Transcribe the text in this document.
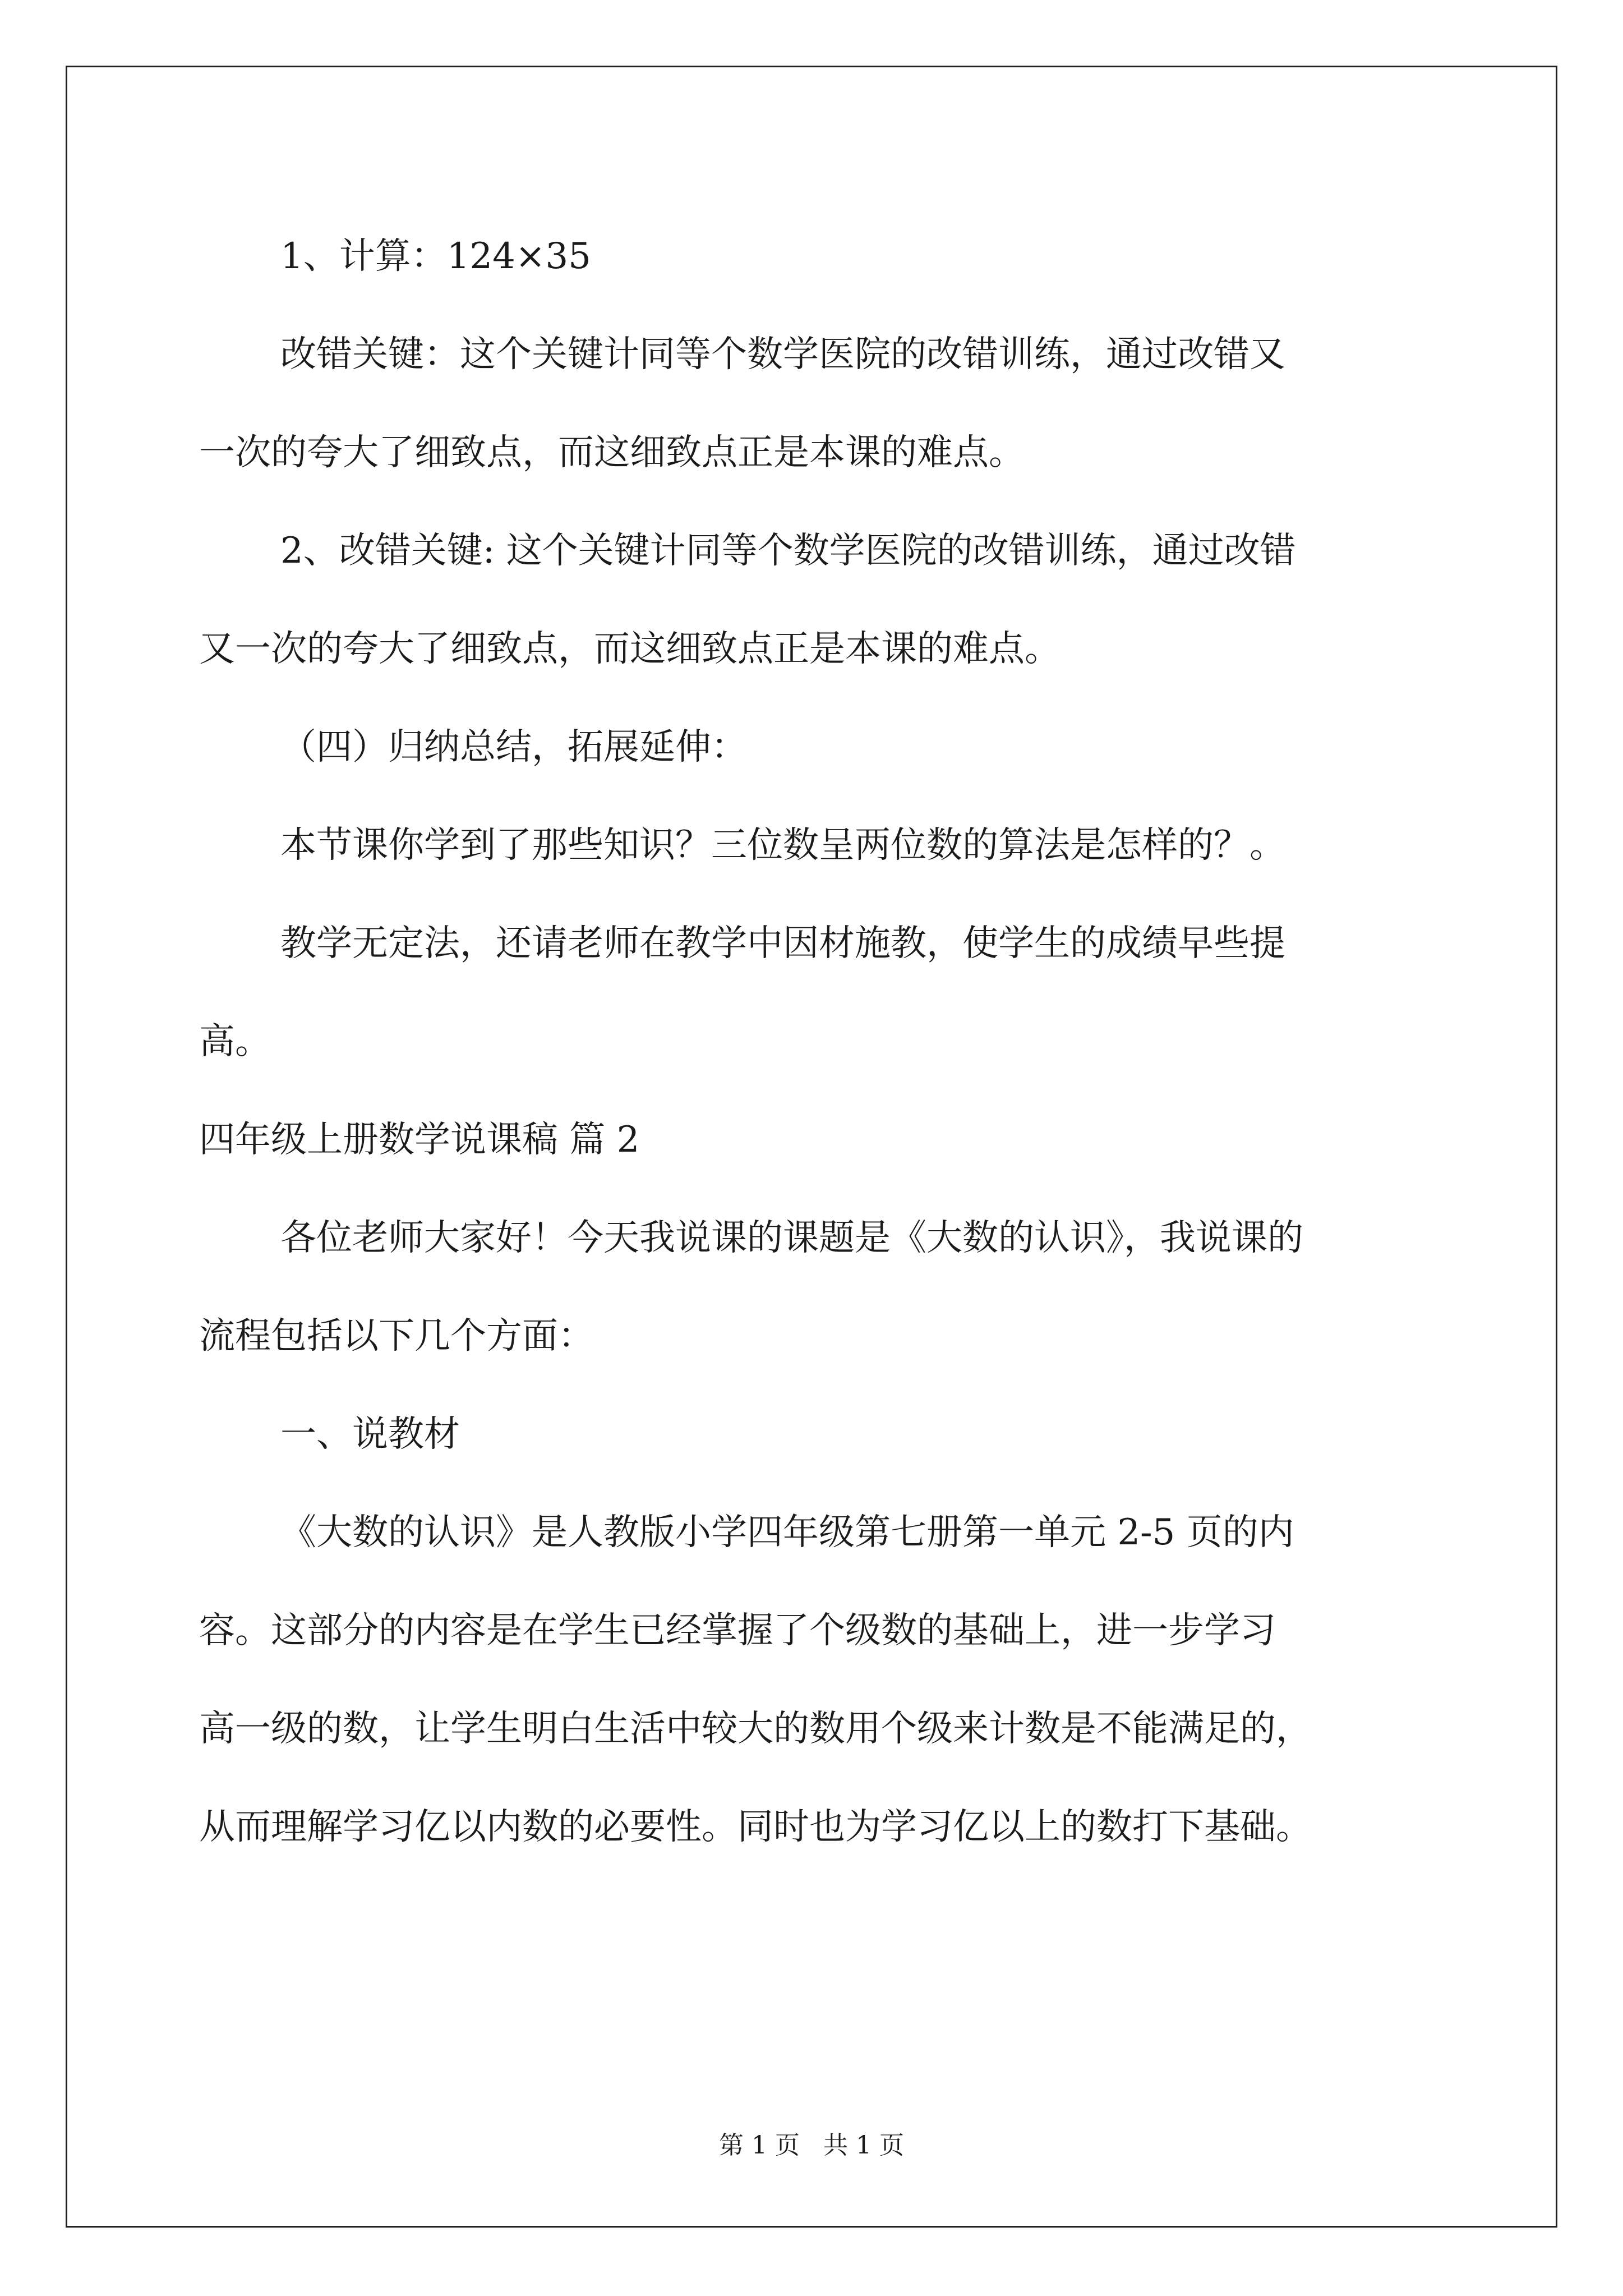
1、计算：124×35

改错关键：这个关键计同等个数学医院的改错训练，通过改错又

一次的夸大了细致点，而这细致点正是本课的难点。

2、改错关键: 这个关键计同等个数学医院的改错训练，通过改错

又一次的夸大了细致点，而这细致点正是本课的难点。

（四）归纳总结，拓展延伸：

本节课你学到了那些知识？三位数呈两位数的算法是怎样的？。

教学无定法，还请老师在教学中因材施教，使学生的成绩早些提

高。

四年级上册数学说课稿 篇 2

各位老师大家好！今天我说课的课题是《大数的认识》，我说课的

流程包括以下几个方面：

一、说教材

《大数的认识》是人教版小学四年级第七册第一单元 2-5 页的内

容。这部分的内容是在学生已经掌握了个级数的基础上，进一步学习

高一级的数，让学生明白生活中较大的数用个级来计数是不能满足的，

从而理解学习亿以内数的必要性。同时也为学习亿以上的数打下基础。

第 1 页   共 1 页
